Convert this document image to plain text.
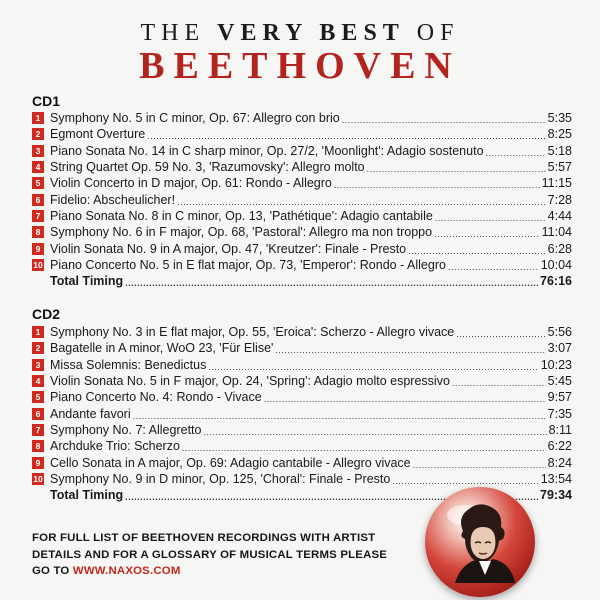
THE VERY BEST OF
BEETHOVEN
CD1
1 Symphony No. 5 in C minor, Op. 67: Allegro con brio .....	5:35
2 Egmont Overture .....	8:25
3 Piano Sonata No. 14 in C sharp minor, Op. 27/2, 'Moonlight': Adagio sostenuto .....	5:18
4 String Quartet Op. 59 No. 3, 'Razumovsky': Allegro molto .....	5:57
5 Violin Concerto in D major, Op. 61: Rondo - Allegro .....	11:15
6 Fidelio: Abscheulicher! .....	7:28
7 Piano Sonata No. 8 in C minor, Op. 13, 'Pathétique': Adagio cantabile .....	4:44
8 Symphony No. 6 in F major, Op. 68, 'Pastoral': Allegro ma non troppo .....	11:04
9 Violin Sonata No. 9 in A major, Op. 47, 'Kreutzer': Finale - Presto .....	6:28
10 Piano Concerto No. 5 in E flat major, Op. 73, 'Emperor': Rondo - Allegro .....	10:04
Total Timing .....	76:16
CD2
1 Symphony No. 3 in E flat major, Op. 55, 'Eroica': Scherzo - Allegro vivace .....	5:56
2 Bagatelle in A minor, WoO 23, 'Für Elise' .....	3:07
3 Missa Solemnis: Benedictus .....	10:23
4 Violin Sonata No. 5 in F major, Op. 24, 'Spring': Adagio molto espressivo .....	5:45
5 Piano Concerto No. 4: Rondo - Vivace .....	9:57
6 Andante favori .....	7:35
7 Symphony No. 7: Allegretto .....	8:11
8 Archduke Trio: Scherzo .....	6:22
9 Cello Sonata in A major, Op. 69: Adagio cantabile - Allegro vivace .....	8:24
10 Symphony No. 9 in D minor, Op. 125, 'Choral': Finale - Presto .....	13:54
Total Timing .....	79:34
FOR FULL LIST OF BEETHOVEN RECORDINGS WITH ARTIST
DETAILS AND FOR A GLOSSARY OF MUSICAL TERMS PLEASE
GO TO WWW.NAXOS.COM
